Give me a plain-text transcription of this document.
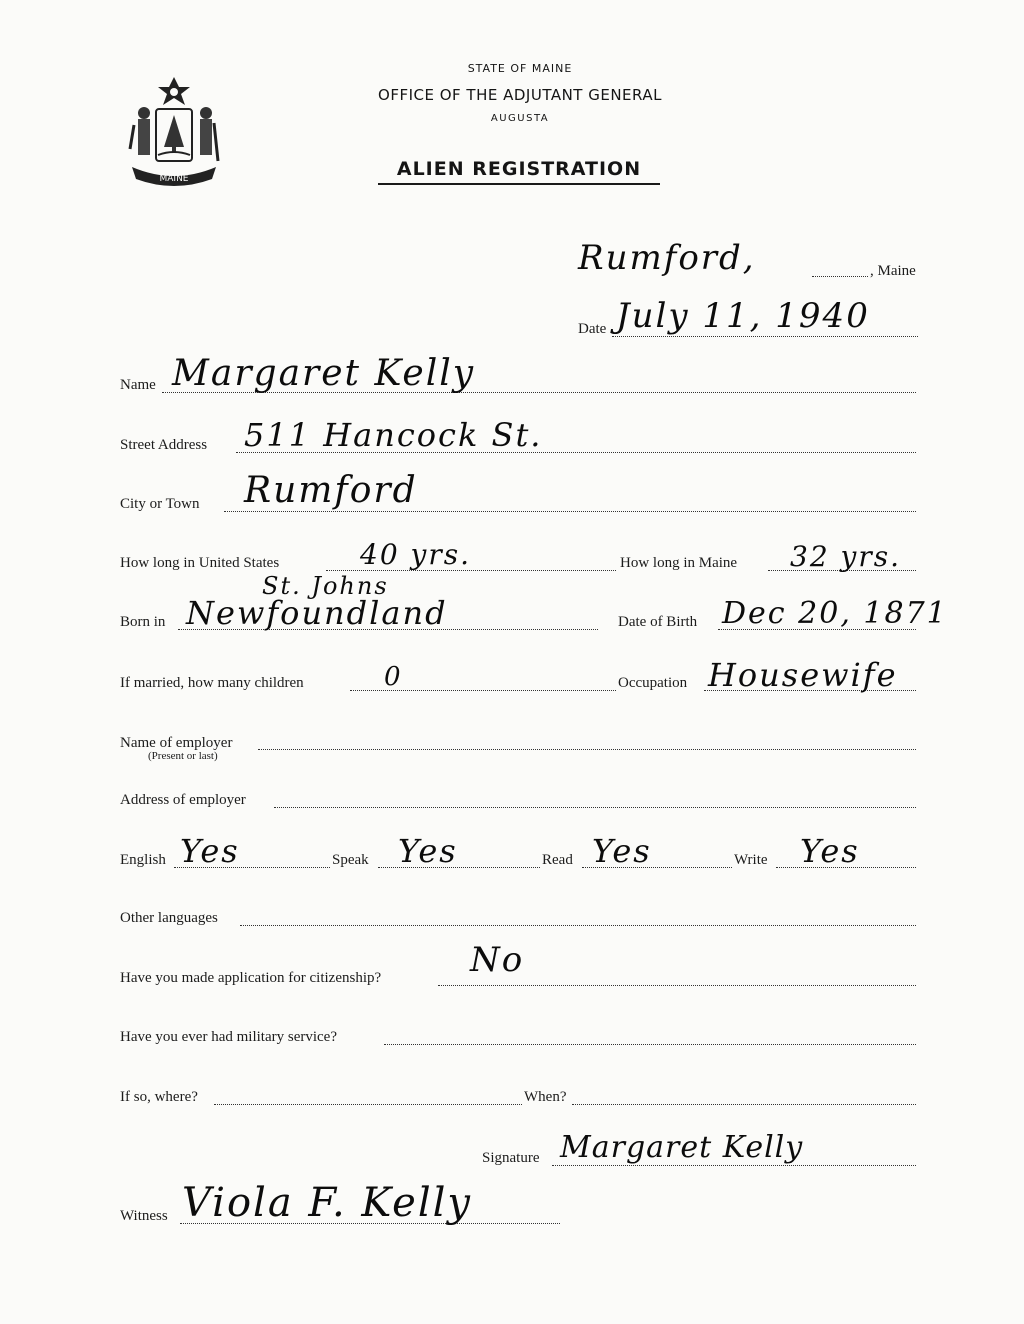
MAINE
STATE OF MAINE
OFFICE OF THE ADJUTANT GENERAL
AUGUSTA
ALIEN REGISTRATION
Rumford,	, Maine
Date July 11, 1940
Name Margaret Kelly
Street Address 511 Hancock St.
City or Town Rumford
How long in United States	40 yrs.	How long in Maine 32 yrs.
St. Johns
Born in Newfoundland	Date of Birth Dec 20, 1871
If married, how many children	0	Occupation Housewife
Name of employer
(Present or last)
Address of employer
English Yes	Speak Yes	Read Yes	Write Yes
Other languages
Have you made application for citizenship?	No
Have you ever had military service?
If so, where?	When?
Signature Margaret Kelly
Witness Viola F. Kelly
